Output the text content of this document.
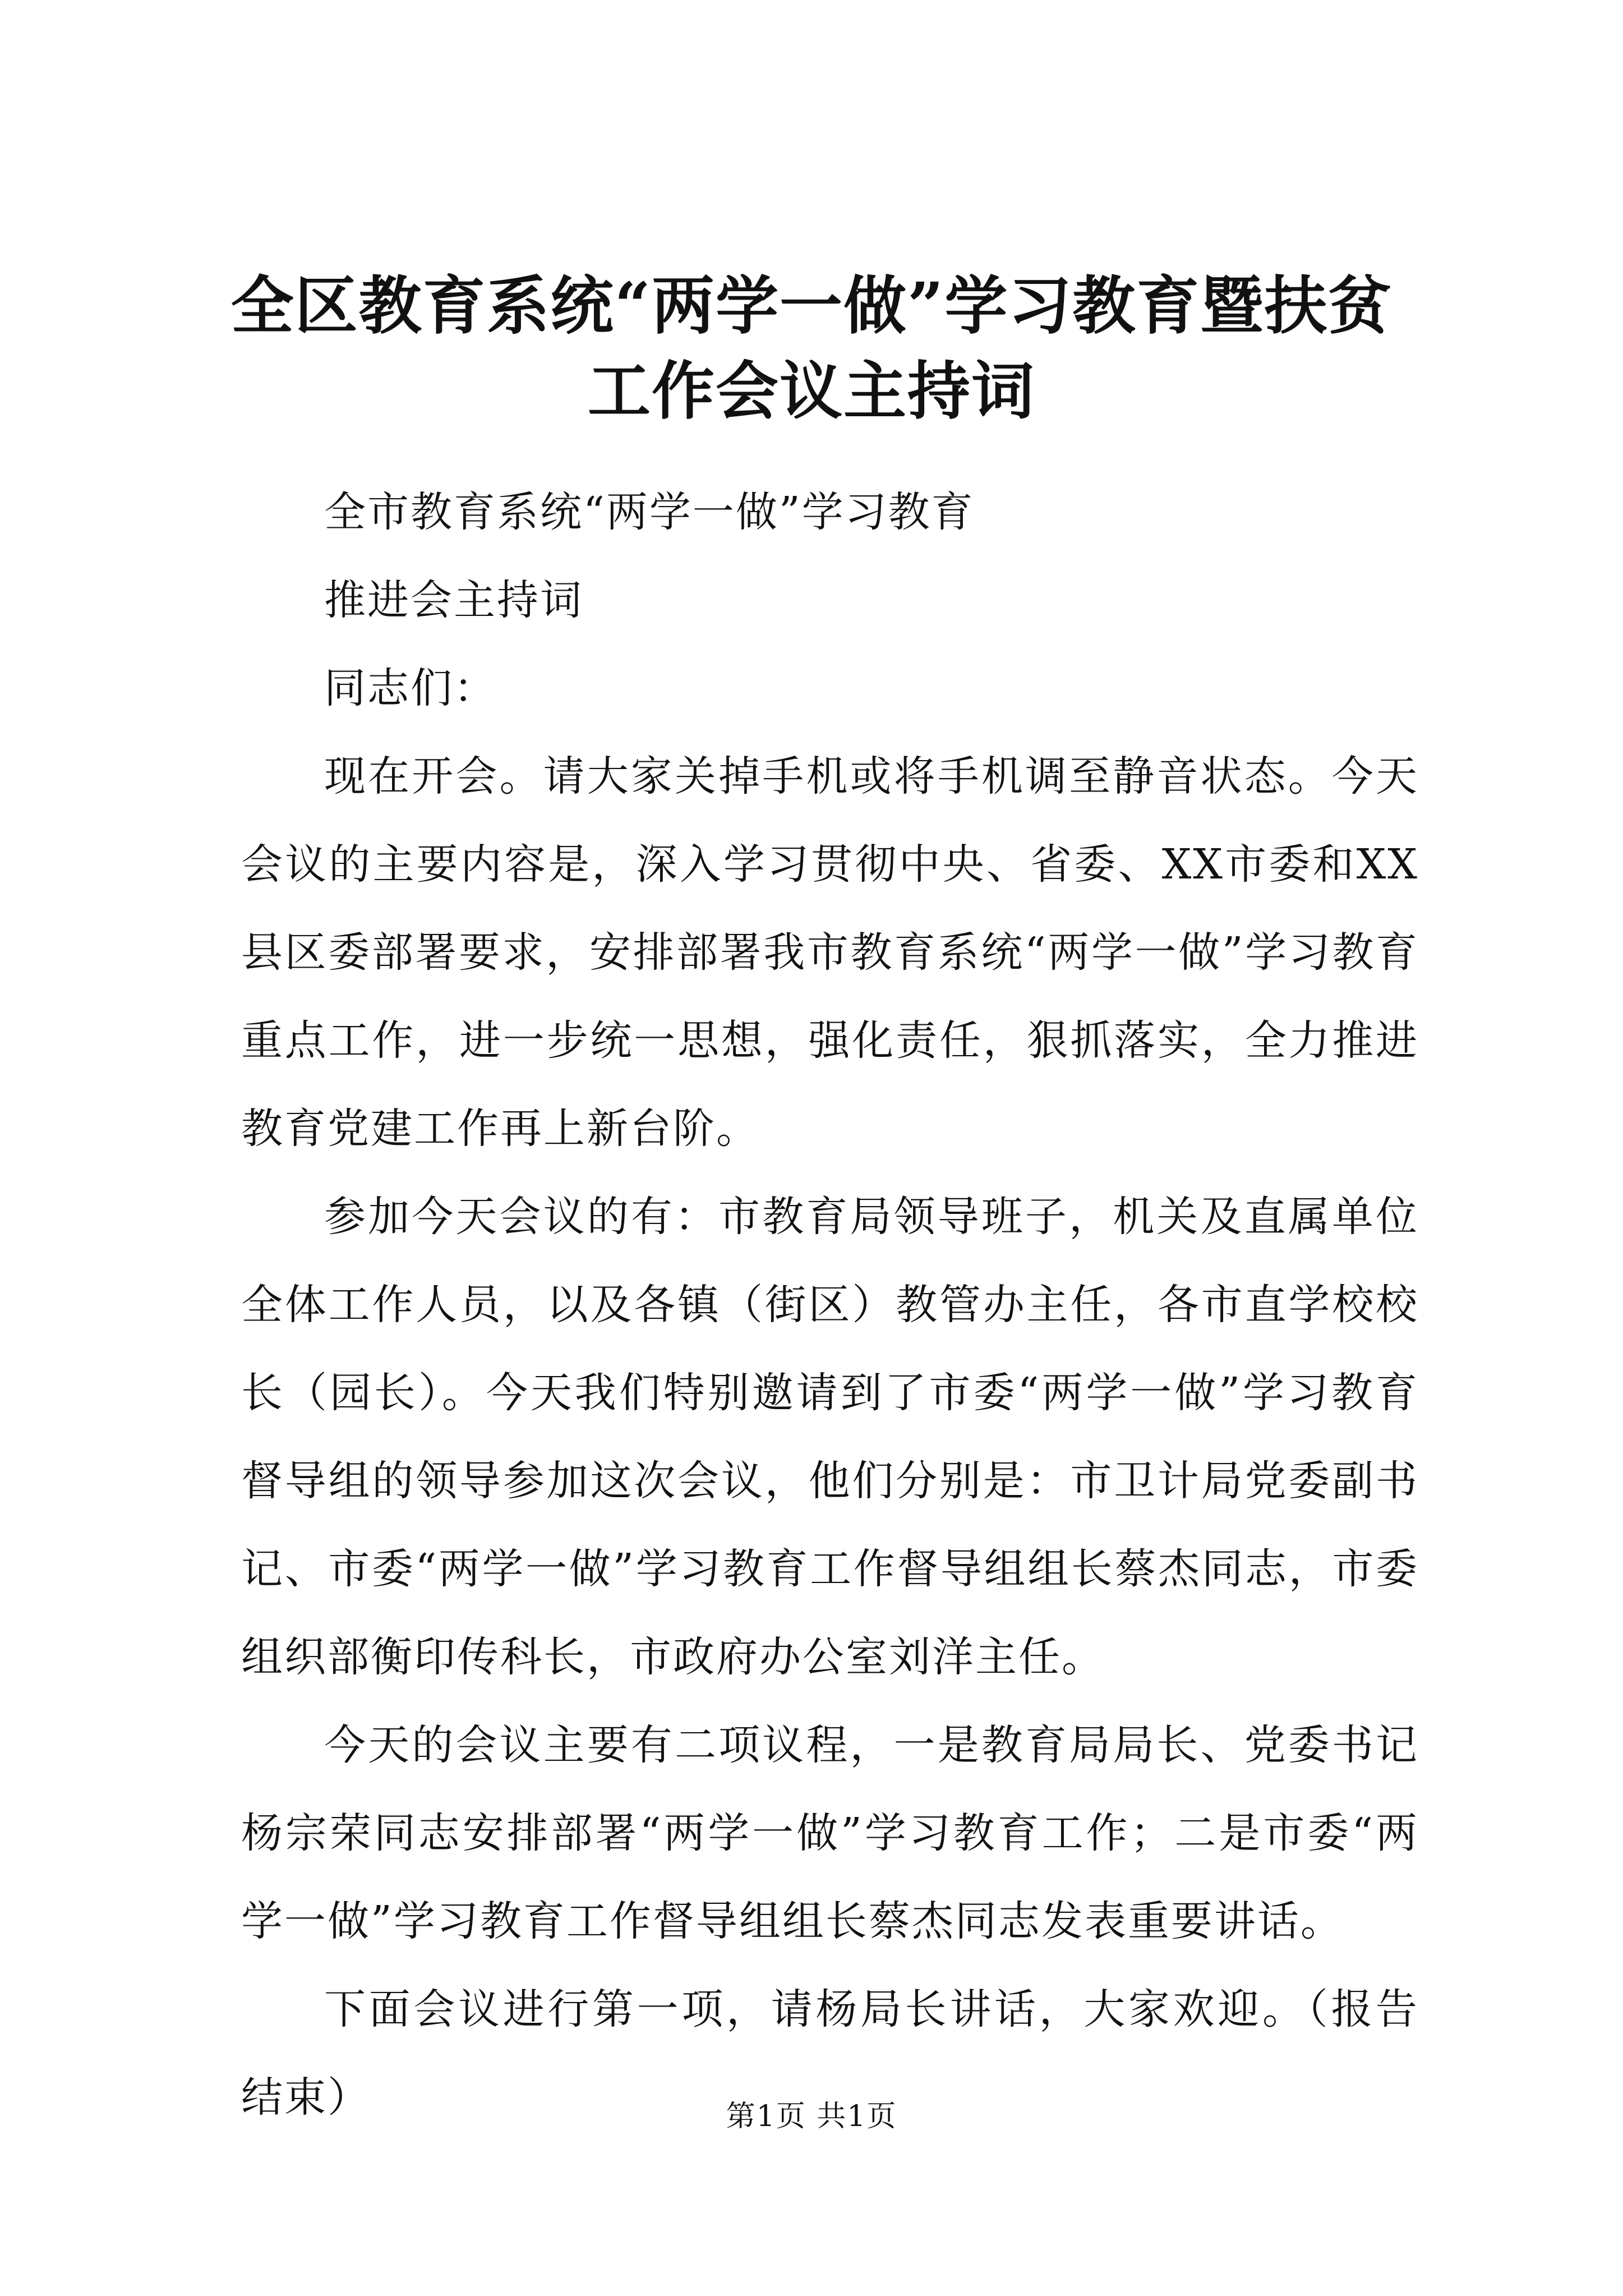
全区教育系统“两学一做”学习教育暨扶贫工作会议主持词

全市教育系统“两学一做”学习教育

推进会主持词

同志们：

现在开会。请大家关掉手机或将手机调至静音状态。今天会议的主要内容是，深入学习贯彻中央、省委、XX市委和XX县区委部署要求，安排部署我市教育系统“两学一做”学习教育重点工作，进一步统一思想，强化责任，狠抓落实，全力推进教育党建工作再上新台阶。

参加今天会议的有：市教育局领导班子，机关及直属单位全体工作人员，以及各镇（街区）教管办主任，各市直学校校长（园长）。今天我们特别邀请到了市委“两学一做”学习教育督导组的领导参加这次会议，他们分别是：市卫计局党委副书记、市委“两学一做”学习教育工作督导组组长蔡杰同志，市委组织部衡印传科长，市政府办公室刘洋主任。

今天的会议主要有二项议程，一是教育局局长、党委书记杨宗荣同志安排部署“两学一做”学习教育工作；二是市委“两学一做”学习教育工作督导组组长蔡杰同志发表重要讲话。

下面会议进行第一项，请杨局长讲话，大家欢迎。（报告结束）	第1页 共1页
